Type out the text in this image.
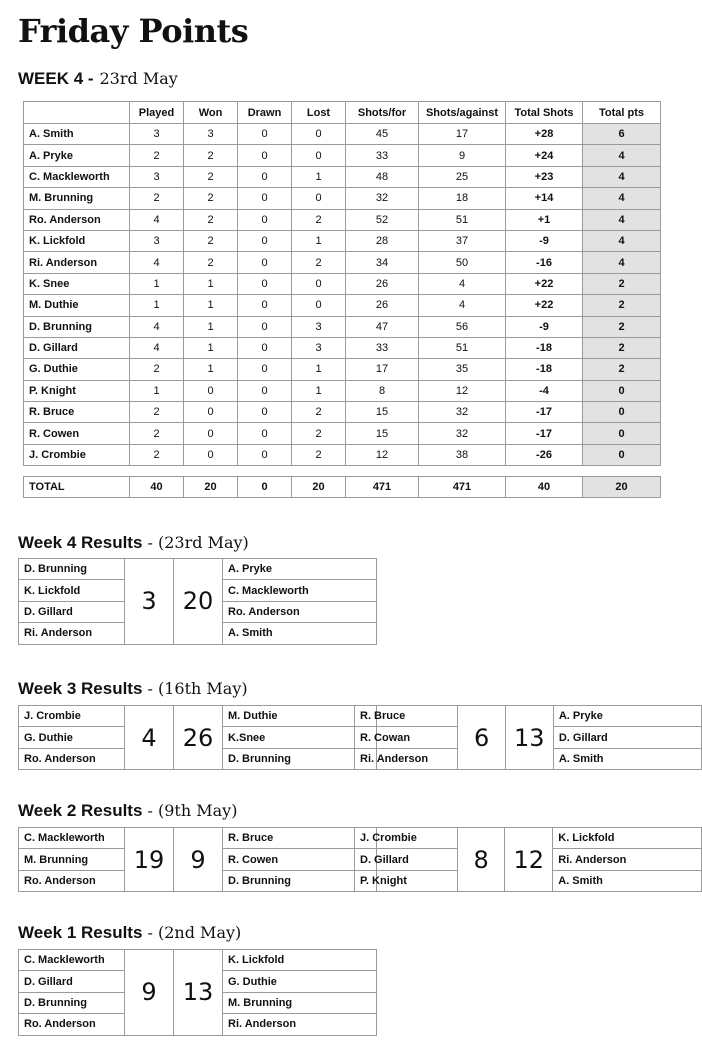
Friday Points
WEEK 4 - 23rd May
	Played	Won	Drawn	Lost	Shots/for	Shots/against	Total Shots	Total pts
A. Smith	3	3	0	0	45	17	+28	6
A. Pryke	2	2	0	0	33	9	+24	4
C. Mackleworth	3	2	0	1	48	25	+23	4
M. Brunning	2	2	0	0	32	18	+14	4
Ro. Anderson	4	2	0	2	52	51	+1	4
K. Lickfold	3	2	0	1	28	37	-9	4
Ri. Anderson	4	2	0	2	34	50	-16	4
K. Snee	1	1	0	0	26	4	+22	2
M. Duthie	1	1	0	0	26	4	+22	2
D. Brunning	4	1	0	3	47	56	-9	2
D. Gillard	4	1	0	3	33	51	-18	2
G. Duthie	2	1	0	1	17	35	-18	2
P. Knight	1	0	0	1	8	12	-4	0
R. Bruce	2	0	0	2	15	32	-17	0
R. Cowen	2	0	0	2	15	32	-17	0
J. Crombie	2	0	0	2	12	38	-26	0
TOTAL	40	20	0	20	471	471	40	20
Week 4 Results - (23rd May)
D. Brunning	3	20	A. Pryke
K. Lickfold			C. Mackleworth
D. Gillard			Ro. Anderson
Ri. Anderson			A. Smith
Week 3 Results - (16th May)
J. Crombie	4	26	M. Duthie
G. Duthie			K.Snee
Ro. Anderson			D. Brunning
R. Bruce	6	13	A. Pryke
R. Cowan			D. Gillard
Ri. Anderson			A. Smith
Week 2 Results - (9th May)
C. Mackleworth	19	9	R. Bruce
M. Brunning			R. Cowen
Ro. Anderson			D. Brunning
J. Crombie	8	12	K. Lickfold
D. Gillard			Ri. Anderson
P. Knight			A. Smith
Week 1 Results - (2nd May)
C. Mackleworth	9	13	K. Lickfold
D. Gillard			G. Duthie
D. Brunning			M. Brunning
Ro. Anderson			Ri. Anderson
